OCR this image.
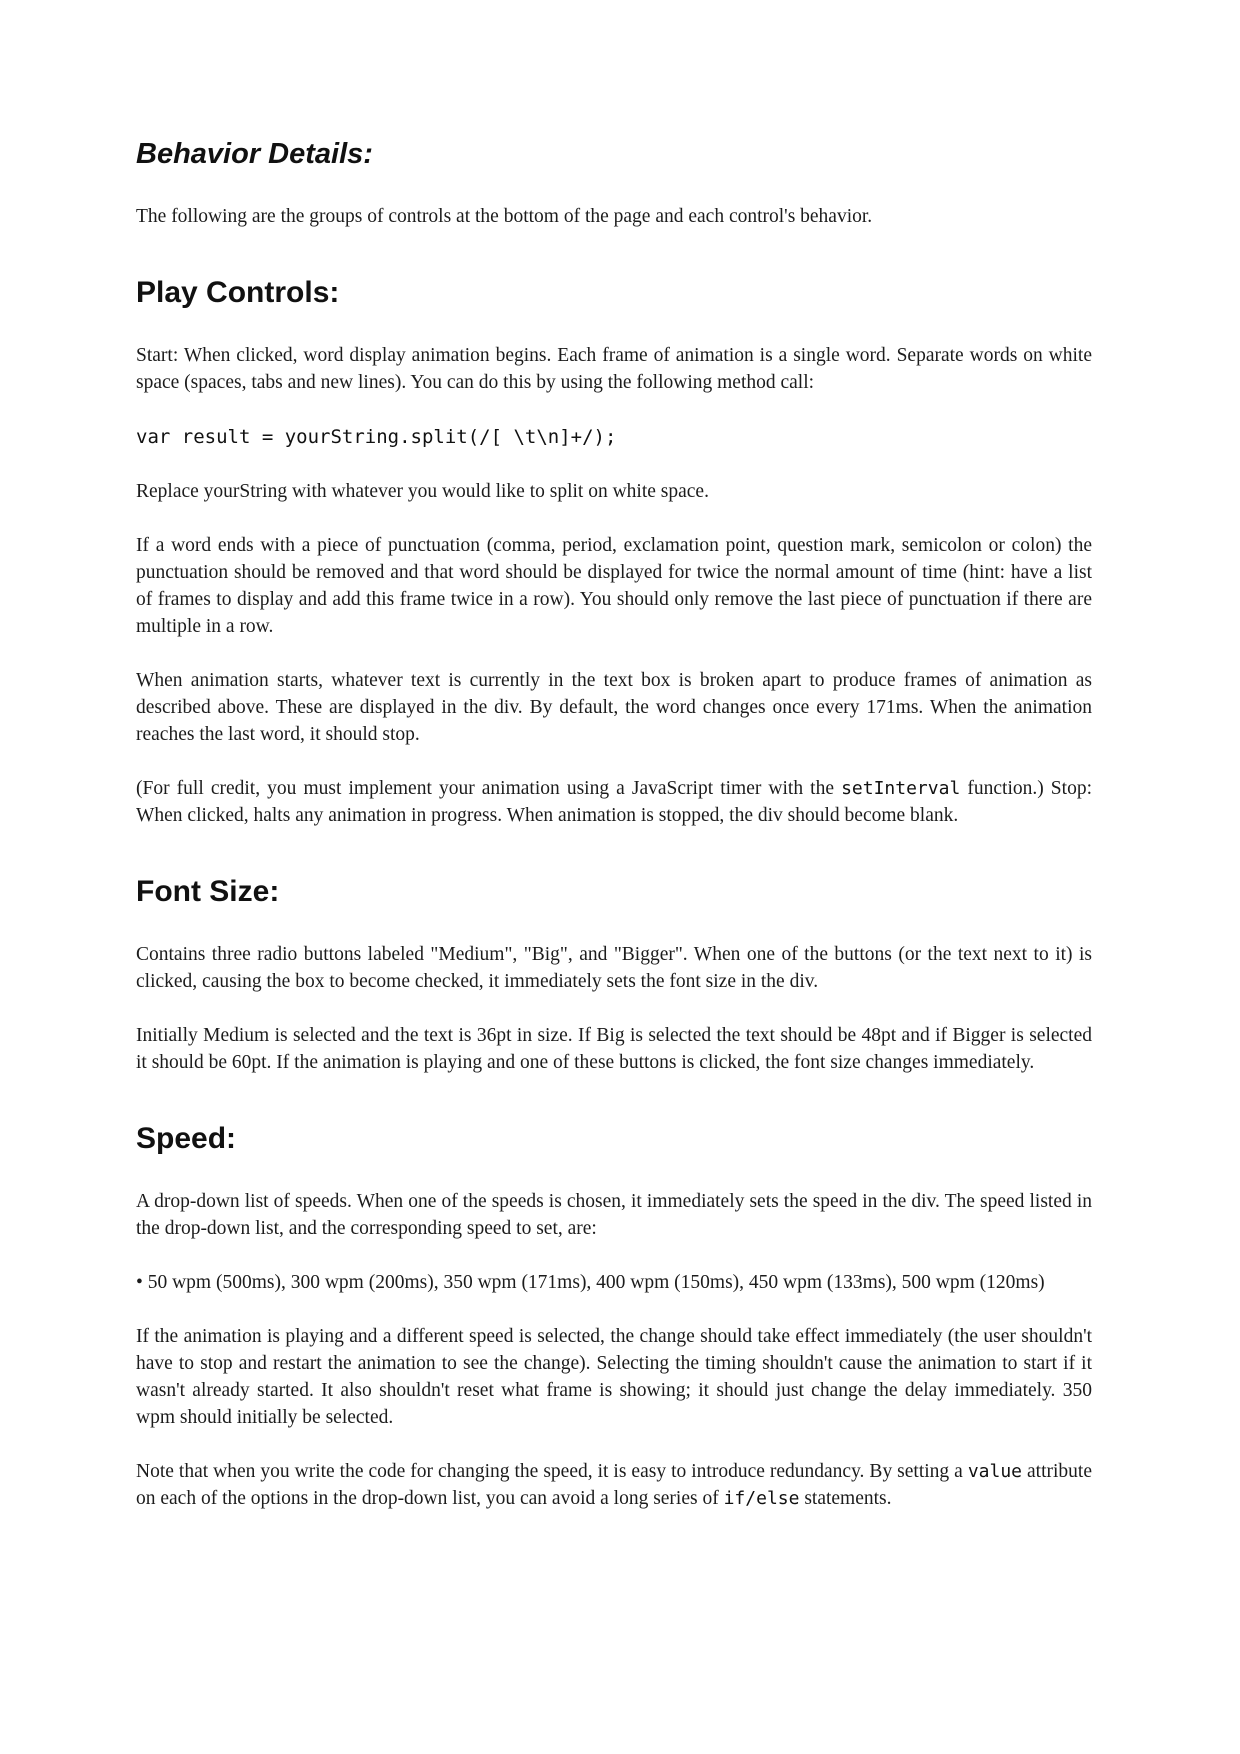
Behavior Details:

The following are the groups of controls at the bottom of the page and each control's behavior.

Play Controls:

Start: When clicked, word display animation begins. Each frame of animation is a single word. Separate words on white space (spaces, tabs and new lines). You can do this by using the following method call:

var result = yourString.split(/[ \t\n]+/);

Replace yourString with whatever you would like to split on white space.

If a word ends with a piece of punctuation (comma, period, exclamation point, question mark, semicolon or colon) the punctuation should be removed and that word should be displayed for twice the normal amount of time (hint: have a list of frames to display and add this frame twice in a row). You should only remove the last piece of punctuation if there are multiple in a row.

When animation starts, whatever text is currently in the text box is broken apart to produce frames of animation as described above. These are displayed in the div. By default, the word changes once every 171ms. When the animation reaches the last word, it should stop.

(For full credit, you must implement your animation using a JavaScript timer with the setInterval function.) Stop: When clicked, halts any animation in progress. When animation is stopped, the div should become blank.

Font Size:

Contains three radio buttons labeled "Medium", "Big", and "Bigger". When one of the buttons (or the text next to it) is clicked, causing the box to become checked, it immediately sets the font size in the div.

Initially Medium is selected and the text is 36pt in size. If Big is selected the text should be 48pt and if Bigger is selected it should be 60pt. If the animation is playing and one of these buttons is clicked, the font size changes immediately.

Speed:

A drop-down list of speeds. When one of the speeds is chosen, it immediately sets the speed in the div. The speed listed in the drop-down list, and the corresponding speed to set, are:

• 50 wpm (500ms), 300 wpm (200ms), 350 wpm (171ms), 400 wpm (150ms), 450 wpm (133ms), 500 wpm (120ms)

If the animation is playing and a different speed is selected, the change should take effect immediately (the user shouldn't have to stop and restart the animation to see the change). Selecting the timing shouldn't cause the animation to start if it wasn't already started. It also shouldn't reset what frame is showing; it should just change the delay immediately. 350 wpm should initially be selected.

Note that when you write the code for changing the speed, it is easy to introduce redundancy. By setting a value attribute on each of the options in the drop-down list, you can avoid a long series of if/else statements.
